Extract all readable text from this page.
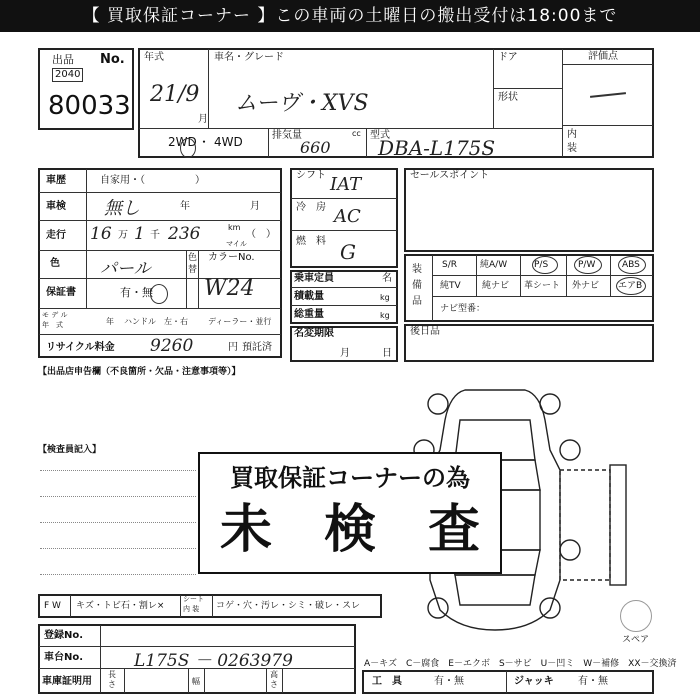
【 買取保証コーナー 】この車両の土曜日の搬出受付は18:00まで
出品 No.
2040
80033
年式
21/9
月
車名・グレード
ムーヴ・XVS
ドア
形状
評価点
内装
2WD ・ 4WD	排気量	cc
660
型式
DBA-L175S
車歴	自家用・（　　　　　）
車検 無し	年	月
走行 16 万 1 千 236	km
マイル
（　）
色 パール
色
替
カラーNo.
W24
保証書	有・無
モ デ ル
年　式	年 ハンドル　左・右	ディーラー・並行
リサイクル料金 9260	円 預託済
【出品店申告欄（不良箇所・欠品・注意事項等）】
【検査員記入】
シフト IAT
冷　房 AC
燃　料 G
乗車定員	名
積載量	kg
総重量	kg
名変期限
月	日
セールスポイント
装備品
S/R	純A/W	P/S	P/W	ABS
純TV 純ナビ 革シート 外ナビ エアB
ナビ型番：
後日品
買取保証コーナーの為
未　検　査
スペア
F W キズ・トビ石・割レ×
シート
内 装 コゲ・穴・汚レ・シミ・破レ・スレ
登録No.
車台No.	L175S － 0263979
車庫証明用
長
さ	幅
高
さ
A－キズ　C－腐食　E－エクボ　S－サビ　U－凹ミ　W－補修　XX－交換済
工　具	有・無	ジャッキ 有・無
